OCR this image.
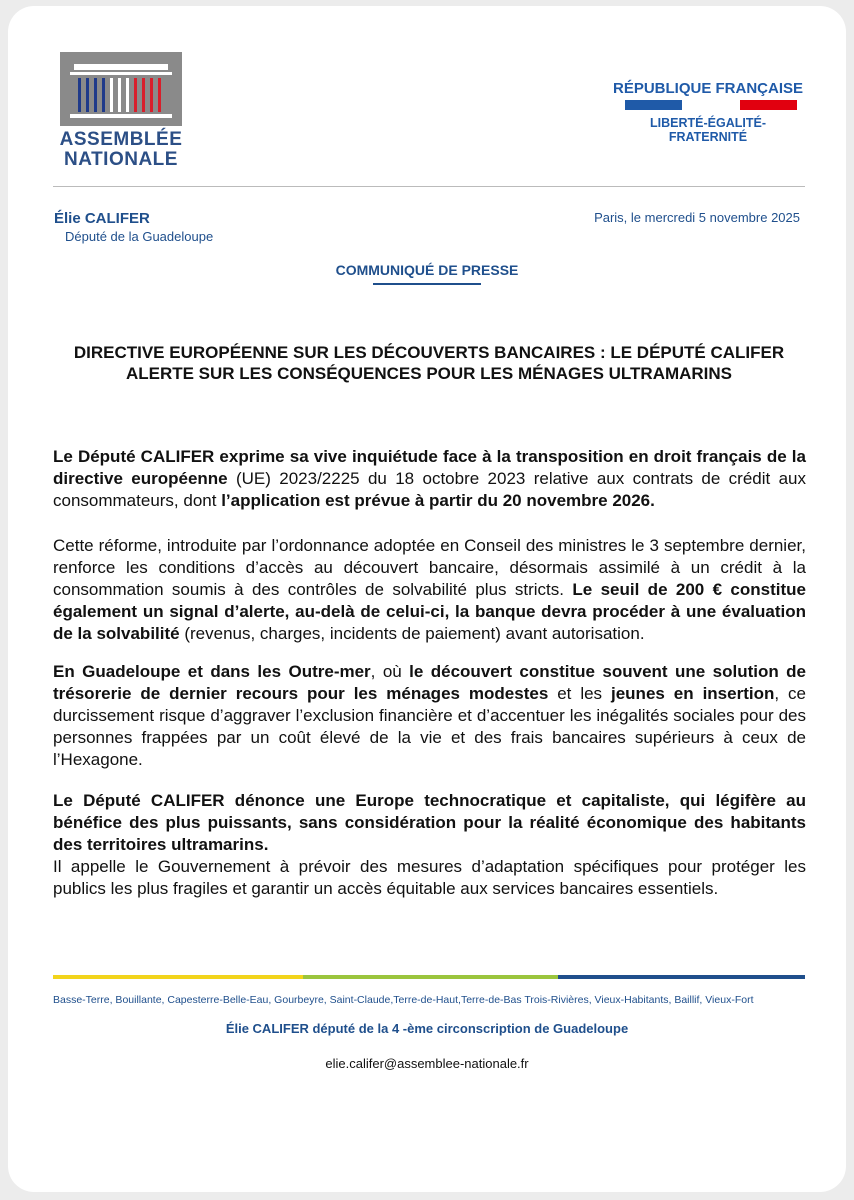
ASSEMBLÉE
NATIONALE
RÉPUBLIQUE FRANÇAISE
LIBERTÉ-ÉGALITÉ-FRATERNITÉ
Élie CALIFER
Député de la Guadeloupe
Paris, le mercredi 5 novembre 2025
COMMUNIQUÉ DE PRESSE
DIRECTIVE EUROPÉENNE SUR LES DÉCOUVERTS BANCAIRES : LE DÉPUTÉ CALIFER ALERTE SUR LES CONSÉQUENCES POUR LES MÉNAGES ULTRAMARINS

Le Député CALIFER exprime sa vive inquiétude face à la transposition en droit français de la directive européenne (UE) 2023/2225 du 18 octobre 2023 relative aux contrats de crédit aux consommateurs, dont l’application est prévue à partir du 20 novembre 2026.

Cette réforme, introduite par l’ordonnance adoptée en Conseil des ministres le 3 septembre dernier, renforce les conditions d’accès au découvert bancaire, désormais assimilé à un crédit à la consommation soumis à des contrôles de solvabilité plus stricts. Le seuil de 200 € constitue également un signal d’alerte, au-delà de celui-ci, la banque devra procéder à une évaluation de la solvabilité (revenus, charges, incidents de paiement) avant autorisation.

En Guadeloupe et dans les Outre-mer, où le découvert constitue souvent une solution de trésorerie de dernier recours pour les ménages modestes et les jeunes en insertion, ce durcissement risque d’aggraver l’exclusion financière et d’accentuer les inégalités sociales pour des personnes frappées par un coût élevé de la vie et des frais bancaires supérieurs à ceux de l’Hexagone.

Le Député CALIFER dénonce une Europe technocratique et capitaliste, qui légifère au bénéfice des plus puissants, sans considération pour la réalité économique des habitants des territoires ultramarins.

Il appelle le Gouvernement à prévoir des mesures d’adaptation spécifiques pour protéger les publics les plus fragiles et garantir un accès équitable aux services bancaires essentiels.

Basse-Terre, Bouillante, Capesterre-Belle-Eau, Gourbeyre, Saint-Claude,Terre-de-Haut,Terre-de-Bas Trois-Rivières, Vieux-Habitants, Baillif, Vieux-Fort
Élie CALIFER député de la 4 -ème circonscription de Guadeloupe
elie.califer@assemblee-nationale.fr
